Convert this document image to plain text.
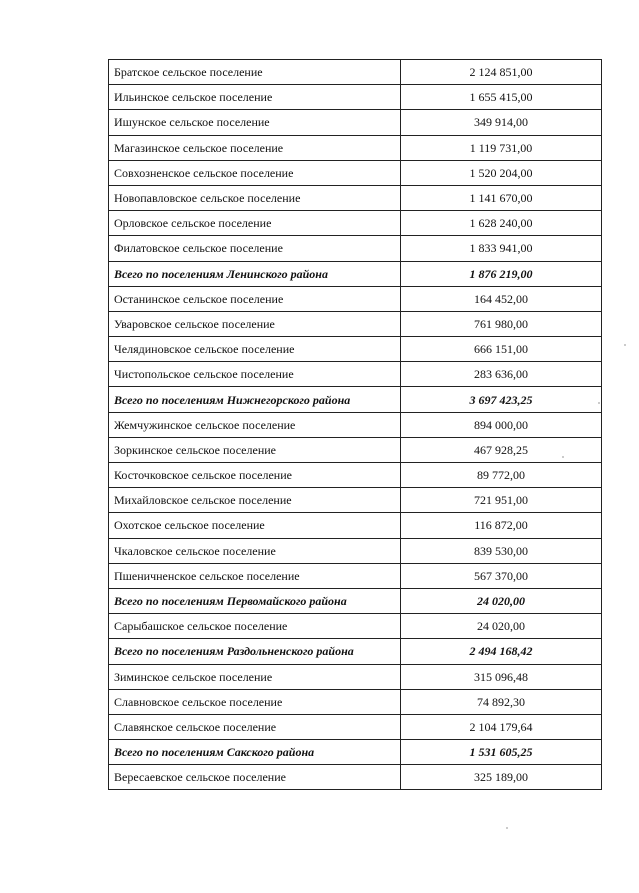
Братское сельское поселение	2 124 851,00
Ильинское сельское поселение	1 655 415,00
Ишунское сельское поселение	349 914,00
Магазинское сельское поселение	1 119 731,00
Совхозненское сельское поселение	1 520 204,00
Новопавловское сельское поселение	1 141 670,00
Орловское сельское поселение	1 628 240,00
Филатовское сельское поселение	1 833 941,00
Всего по поселениям Ленинского района	1 876 219,00
Останинское сельское поселение	164 452,00
Уваровское сельское поселение	761 980,00
Челядиновское сельское поселение	666 151,00
Чистопольское сельское поселение	283 636,00
Всего по поселениям Нижнегорского района	3 697 423,25
Жемчужинское сельское поселение	894 000,00
Зоркинское сельское поселение	467 928,25
Косточковское сельское поселение	89 772,00
Михайловское сельское поселение	721 951,00
Охотское сельское поселение	116 872,00
Чкаловское сельское поселение	839 530,00
Пшеничненское сельское поселение	567 370,00
Всего по поселениям Первомайского района	24 020,00
Сарыбашское сельское поселение	24 020,00
Всего по поселениям Раздольненского района	2 494 168,42
Зиминское сельское поселение	315 096,48
Славновское сельское поселение	74 892,30
Славянское сельское поселение	2 104 179,64
Всего по поселениям Сакского района	1 531 605,25
Вересаевское сельское поселение	325 189,00
